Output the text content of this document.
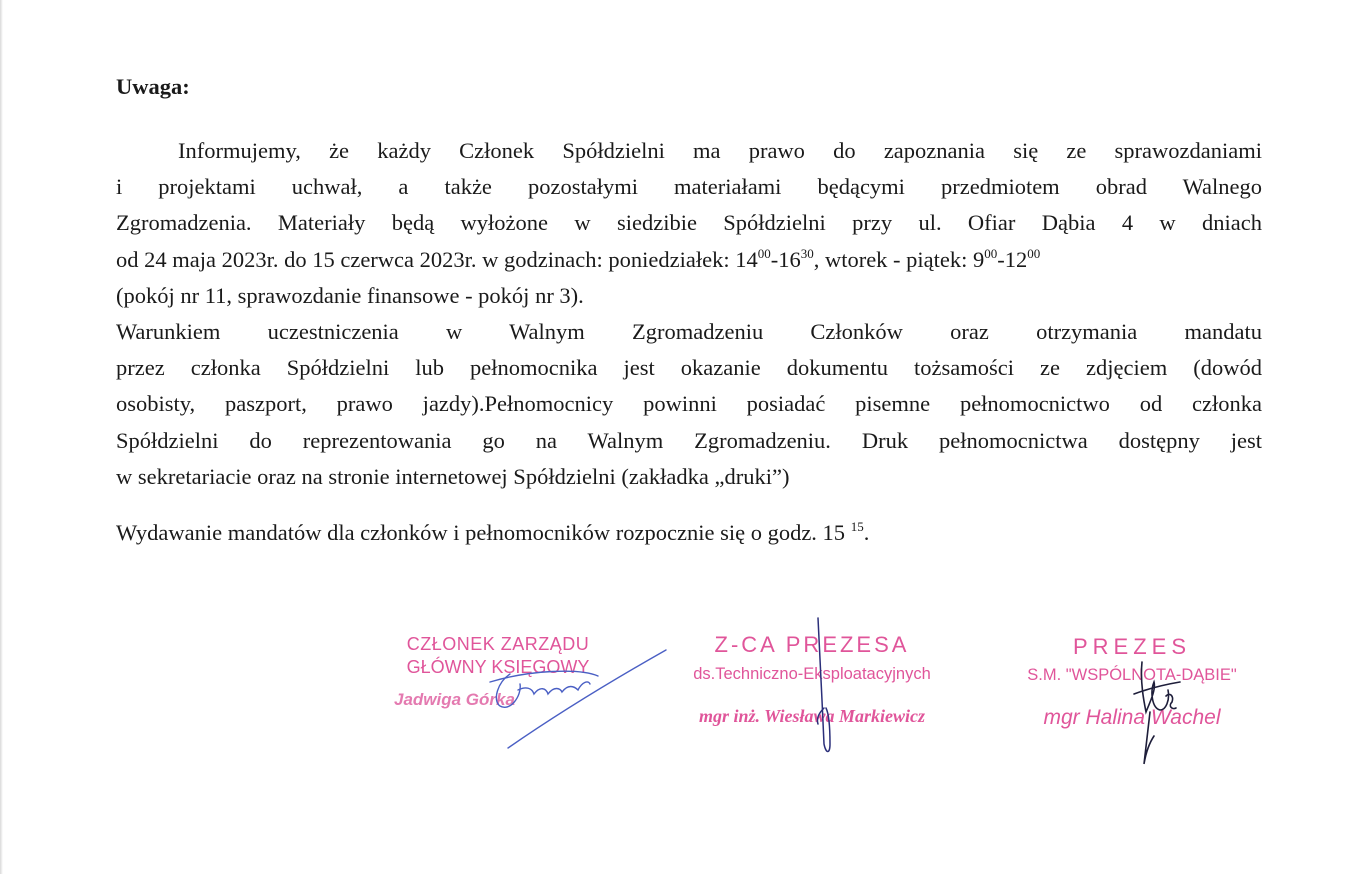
Uwaga:
Informujemy, że każdy Członek Spółdzielni ma prawo do zapoznania się ze sprawozdaniami
i projektami uchwał, a także pozostałymi materiałami będącymi przedmiotem obrad Walnego
Zgromadzenia. Materiały będą wyłożone w siedzibie Spółdzielni przy ul. Ofiar Dąbia 4 w dniach
od 24 maja 2023r. do 15 czerwca 2023r. w godzinach: poniedziałek: $14^{00}-16^{30}$, wtorek - piątek: $9^{00}-12^{00}$
(pokój nr 11, sprawozdanie finansowe - pokój nr 3).
Warunkiem uczestniczenia w Walnym Zgromadzeniu Członków oraz otrzymania mandatu
przez członka Spółdzielni lub pełnomocnika jest okazanie dokumentu tożsamości ze zdjęciem (dowód
osobisty, paszport, prawo jazdy).Pełnomocnicy powinni posiadać pisemne pełnomocnictwo od członka
Spółdzielni do reprezentowania go na Walnym Zgromadzeniu. Druk pełnomocnictwa dostępny jest
w sekretariacie oraz na stronie internetowej Spółdzielni (zakładka „druki”)
Wydawanie mandatów dla członków i pełnomocników rozpocznie się o godz. 15 $^{15}$.
CZŁONEK ZARZĄDU
GŁÓWNY KSIĘGOWY
Jadwiga Górka
Z-CA PREZESA
ds.Techniczno-Eksploatacyjnych
mgr inż. Wiesława Markiewicz
PREZES
S.M. "WSPÓLNOTA-DĄBIE"
mgr Halina Wachel
